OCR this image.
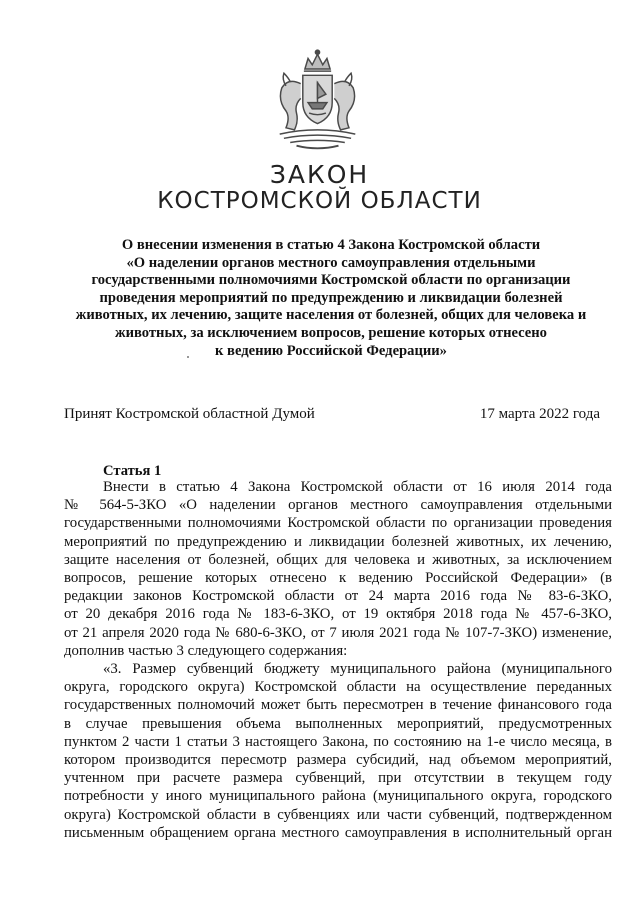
ЗАКОН
КОСТРОМСКОЙ ОБЛАСТИ
О внесении изменения в статью 4 Закона Костромской области
«О наделении органов местного самоуправления отдельными
государственными полномочиями Костромской области по организации
проведения мероприятий по предупреждению и ликвидации болезней
животных, их лечению, защите населения от болезней, общих для человека и
животных, за исключением вопросов, решение которых отнесено
к ведению Российской Федерации»
Принят Костромской областной Думой	17 марта 2022 года
Статья 1
Внести в статью 4 Закона Костромской области от 16 июля 2014 года
№ 564-5-ЗКО «О наделении органов местного самоуправления отдельными
государственными полномочиями Костромской области по организации проведения
мероприятий по предупреждению и ликвидации болезней животных, их лечению,
защите населения от болезней, общих для человека и животных, за исключением
вопросов, решение которых отнесено к ведению Российской Федерации» (в
редакции законов Костромской области от 24 марта 2016 года № 83-6-ЗКО,
от 20 декабря 2016 года № 183-6-ЗКО, от 19 октября 2018 года № 457-6-ЗКО,
от 21 апреля 2020 года № 680-6-ЗКО, от 7 июля 2021 года № 107-7-ЗКО) изменение,
дополнив частью 3 следующего содержания:
«3. Размер субвенций бюджету муниципального района (муниципального
округа, городского округа) Костромской области на осуществление переданных
государственных полномочий может быть пересмотрен в течение финансового года
в случае превышения объема выполненных мероприятий, предусмотренных
пунктом 2 части 1 статьи 3 настоящего Закона, по состоянию на 1-е число месяца, в
котором производится пересмотр размера субсидий, над объемом мероприятий,
учтенном при расчете размера субвенций, при отсутствии в текущем году
потребности у иного муниципального района (муниципального округа, городского
округа) Костромской области в субвенциях или части субвенций, подтвержденном
письменным обращением органа местного самоуправления в исполнительный орган
